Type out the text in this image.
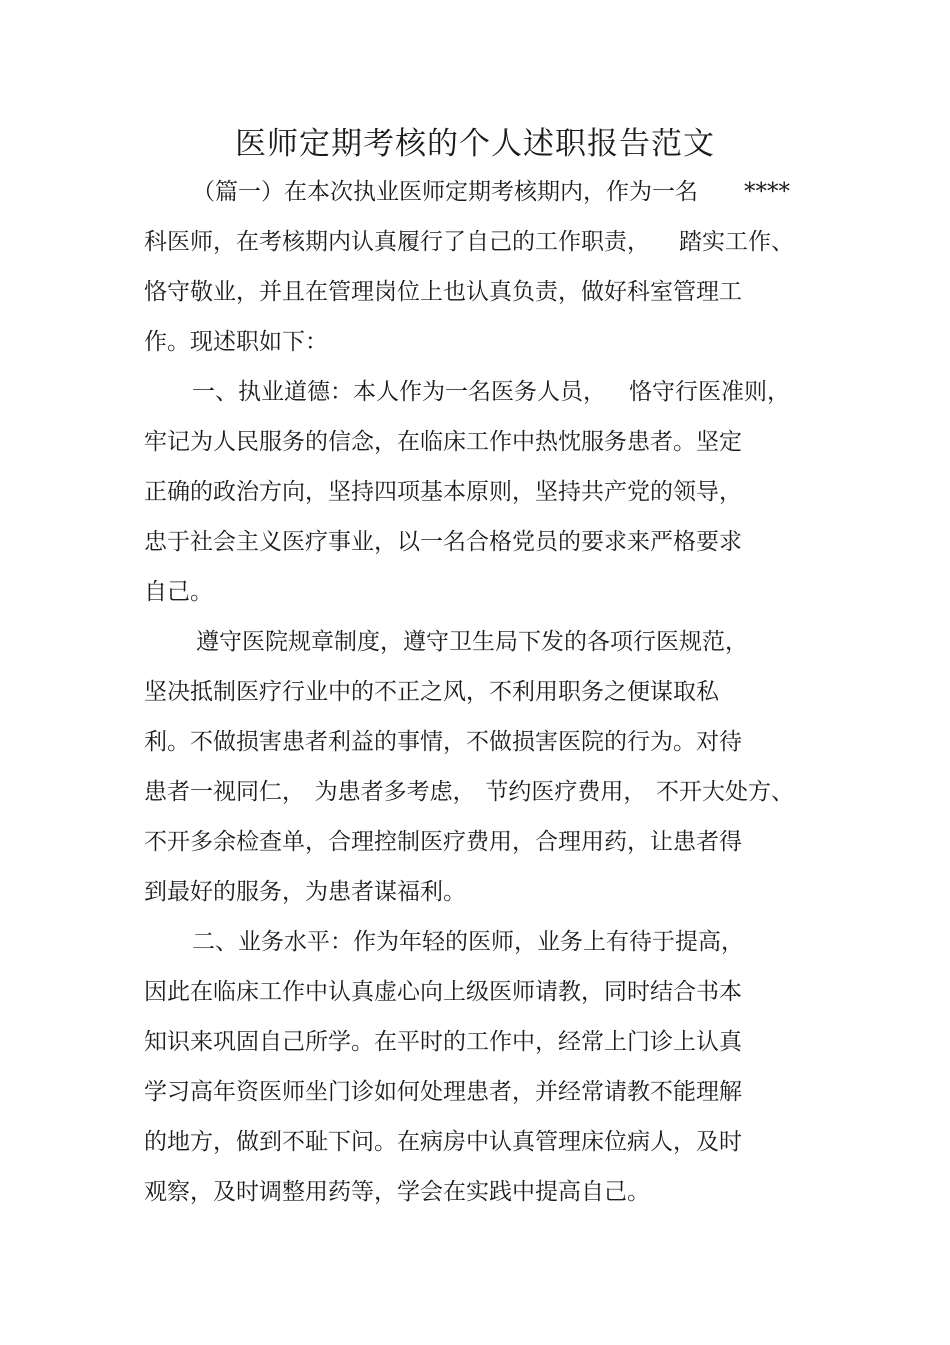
医师定期考核的个人述职报告范文
（篇一）在本次执业医师定期考核期内，作为一名 ****
科医师，在考核期内认真履行了自己的工作职责， 踏实工作、
恪守敬业，并且在管理岗位上也认真负责，做好科室管理工
作。现述职如下：
一、执业道德：本人作为一名医务人员， 恪守行医准则，
牢记为人民服务的信念，在临床工作中热忱服务患者。坚定
正确的政治方向，坚持四项基本原则，坚持共产党的领导，
忠于社会主义医疗事业，以一名合格党员的要求来严格要求
自己。
遵守医院规章制度，遵守卫生局下发的各项行医规范，
坚决抵制医疗行业中的不正之风，不利用职务之便谋取私
利。不做损害患者利益的事情，不做损害医院的行为。对待
患者一视同仁， 为患者多考虑， 节约医疗费用， 不开大处方、
不开多余检查单，合理控制医疗费用，合理用药，让患者得
到最好的服务，为患者谋福利。
二、业务水平：作为年轻的医师，业务上有待于提高，
因此在临床工作中认真虚心向上级医师请教，同时结合书本
知识来巩固自己所学。在平时的工作中，经常上门诊上认真
学习高年资医师坐门诊如何处理患者，并经常请教不能理解
的地方，做到不耻下问。在病房中认真管理床位病人，及时
观察，及时调整用药等，学会在实践中提高自己。
